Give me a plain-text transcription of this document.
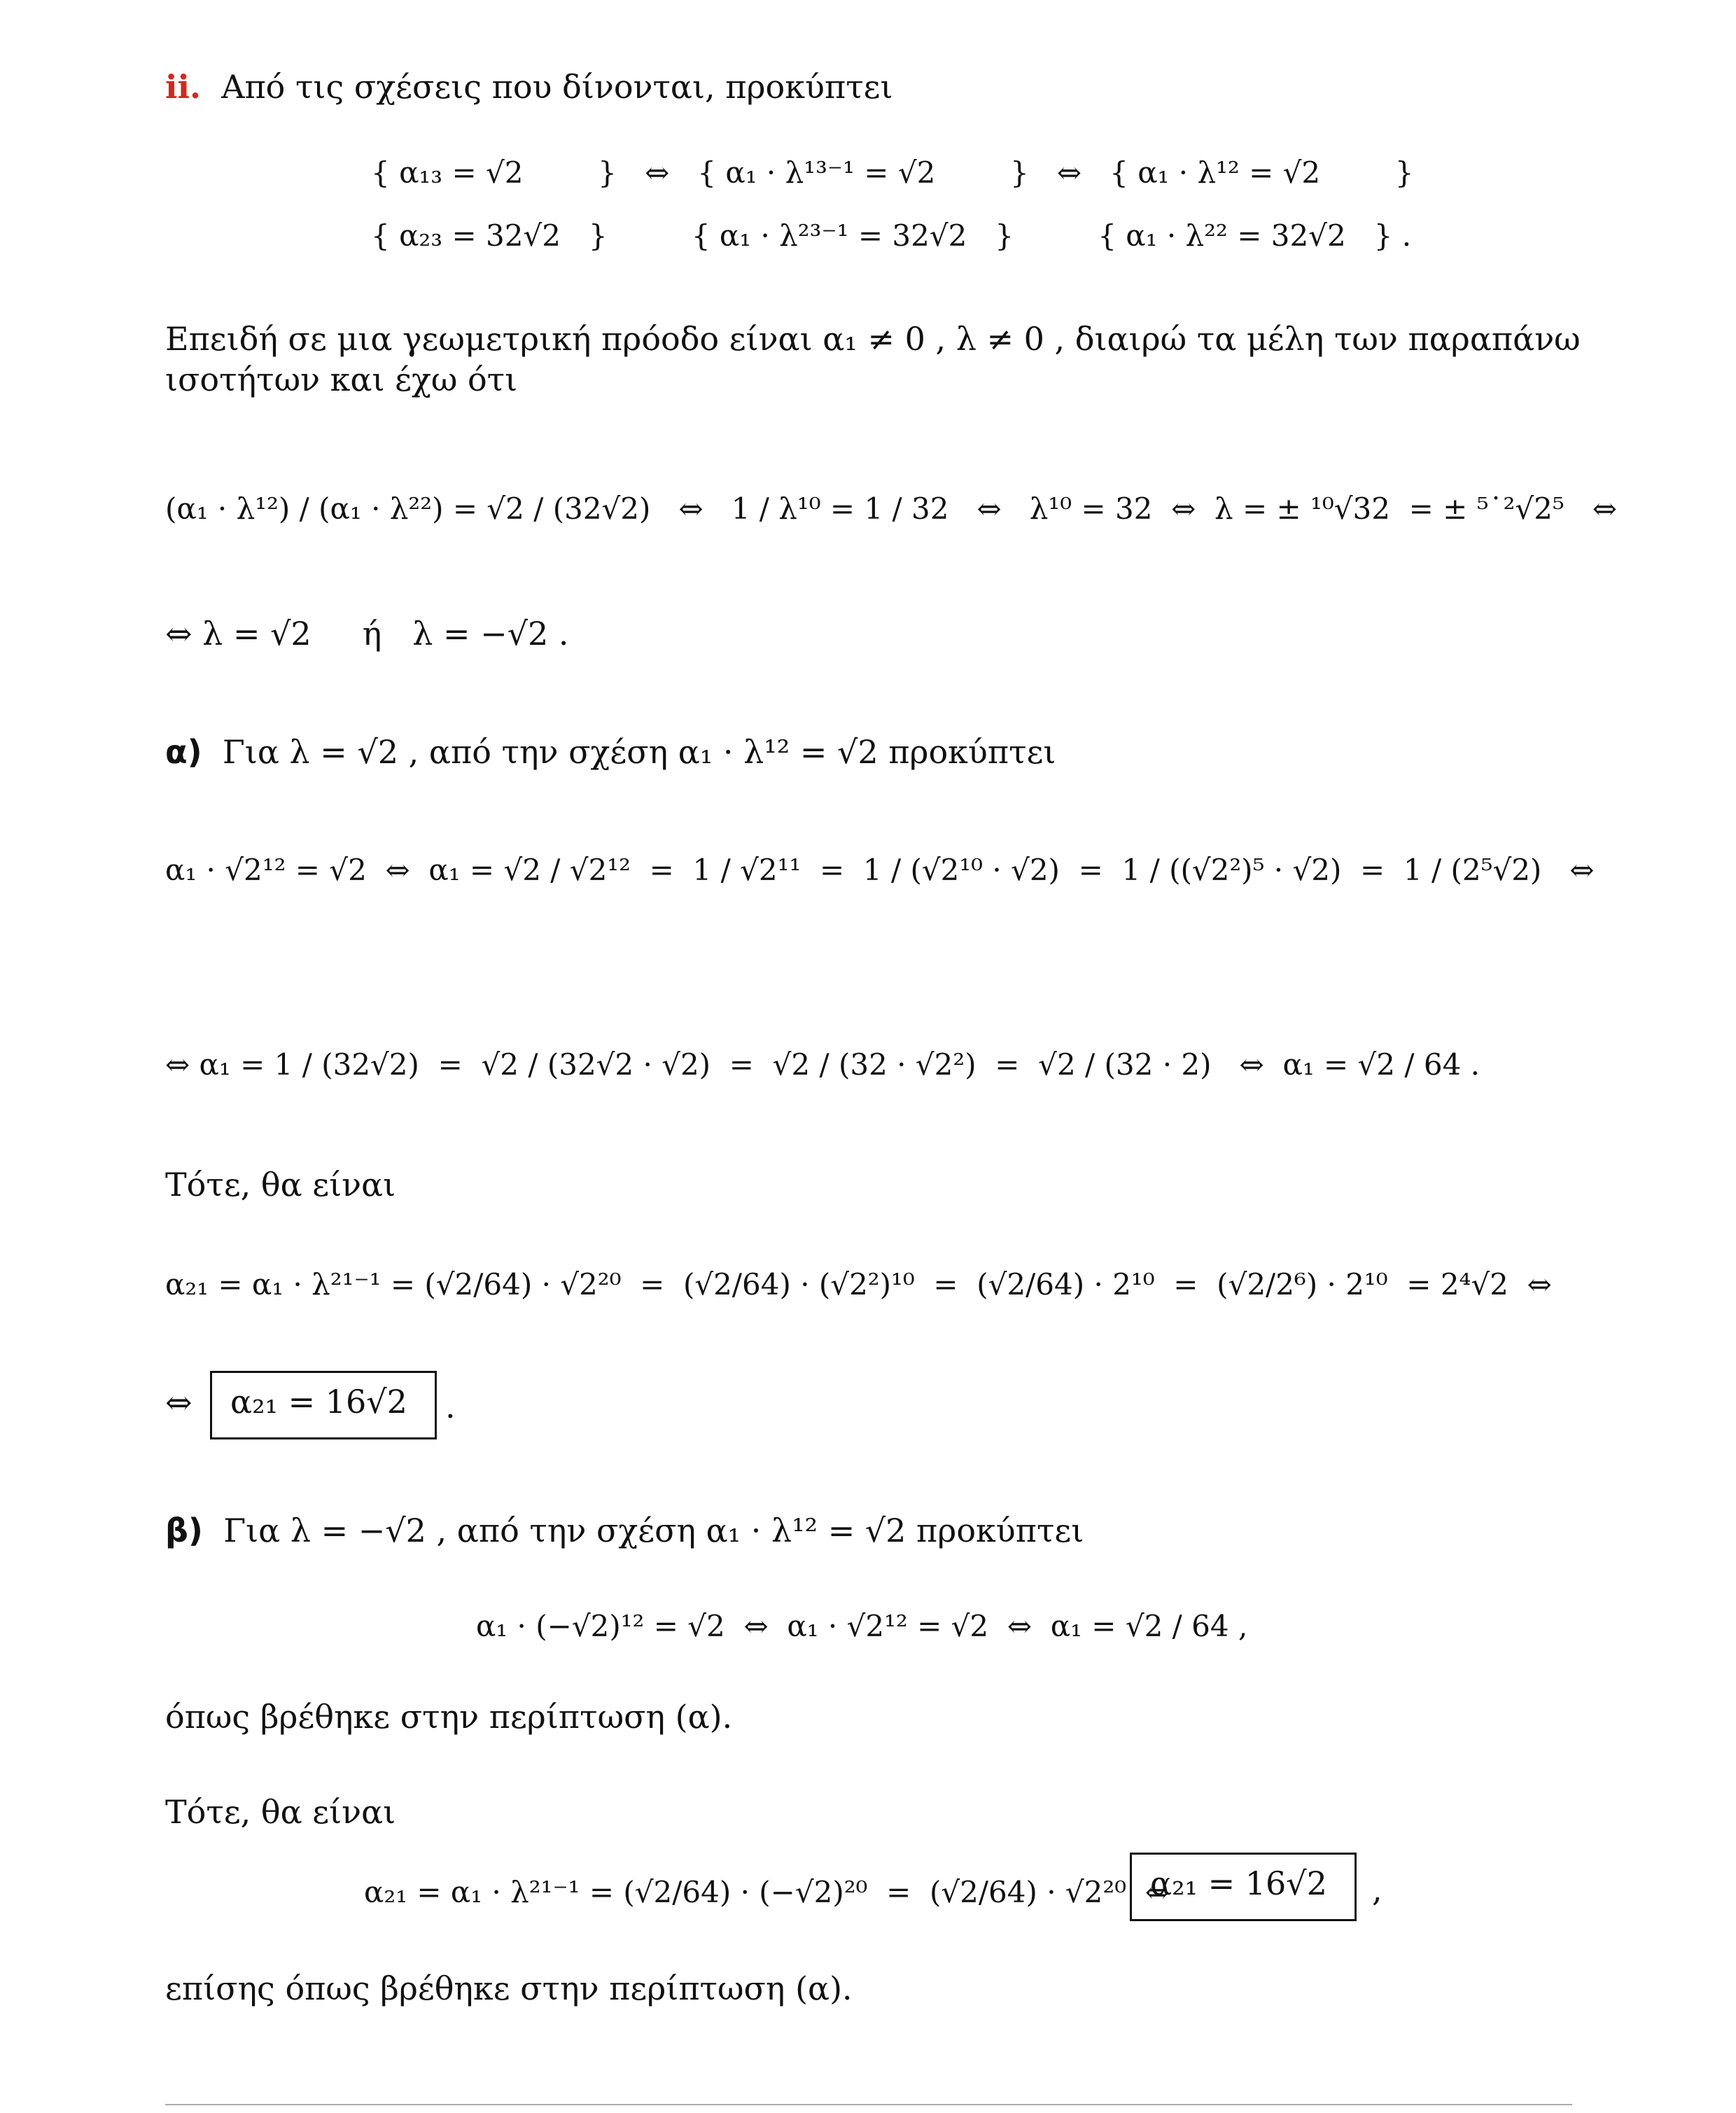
ii. Από τις σχέσεις που δίνονται, προκύπτει
{ α₁₃ = √2        }   ⇔   { α₁ · λ¹³⁻¹ = √2        }   ⇔   { α₁ · λ¹² = √2        }
{ α₂₃ = 32√2   }         { α₁ · λ²³⁻¹ = 32√2   }         { α₁ · λ²² = 32√2   } .
Επειδή σε μια γεωμετρική πρόοδο είναι α₁ ≠ 0 , λ ≠ 0 , διαιρώ τα μέλη των παραπάνω ισοτήτων και έχω ότι
(α₁ · λ¹²) / (α₁ · λ²²) = √2 / (32√2)   ⇔   1 / λ¹⁰ = 1 / 32   ⇔   λ¹⁰ = 32  ⇔  λ = ± ¹⁰√32  = ± ⁵˙²√2⁵   ⇔
⇔ λ = √2     ή   λ = −√2 .
α) Για λ = √2 , από την σχέση α₁ · λ¹² = √2 προκύπτει
α₁ · √2¹² = √2  ⇔  α₁ = √2 / √2¹²  =  1 / √2¹¹  =  1 / (√2¹⁰ · √2)  =  1 / ((√2²)⁵ · √2)  =  1 / (2⁵√2)   ⇔
⇔ α₁ = 1 / (32√2)  =  √2 / (32√2 · √2)  =  √2 / (32 · √2²)  =  √2 / (32 · 2)   ⇔  α₁ = √2 / 64 .
Τότε, θα είναι
α₂₁ = α₁ · λ²¹⁻¹ = (√2/64) · √2²⁰  =  (√2/64) · (√2²)¹⁰  =  (√2/64) · 2¹⁰  =  (√2/2⁶) · 2¹⁰  = 2⁴√2  ⇔
⇔ α₂₁ = 16√2 .
β) Για λ = −√2 , από την σχέση α₁ · λ¹² = √2 προκύπτει
α₁ · (−√2)¹² = √2  ⇔  α₁ · √2¹² = √2  ⇔  α₁ = √2 / 64 ,
όπως βρέθηκε στην περίπτωση (α).
Τότε, θα είναι
α₂₁ = α₁ · λ²¹⁻¹ = (√2/64) · (−√2)²⁰  =  (√2/64) · √2²⁰  ⇔
α₂₁ = 16√2 ,
επίσης όπως βρέθηκε στην περίπτωση (α).
